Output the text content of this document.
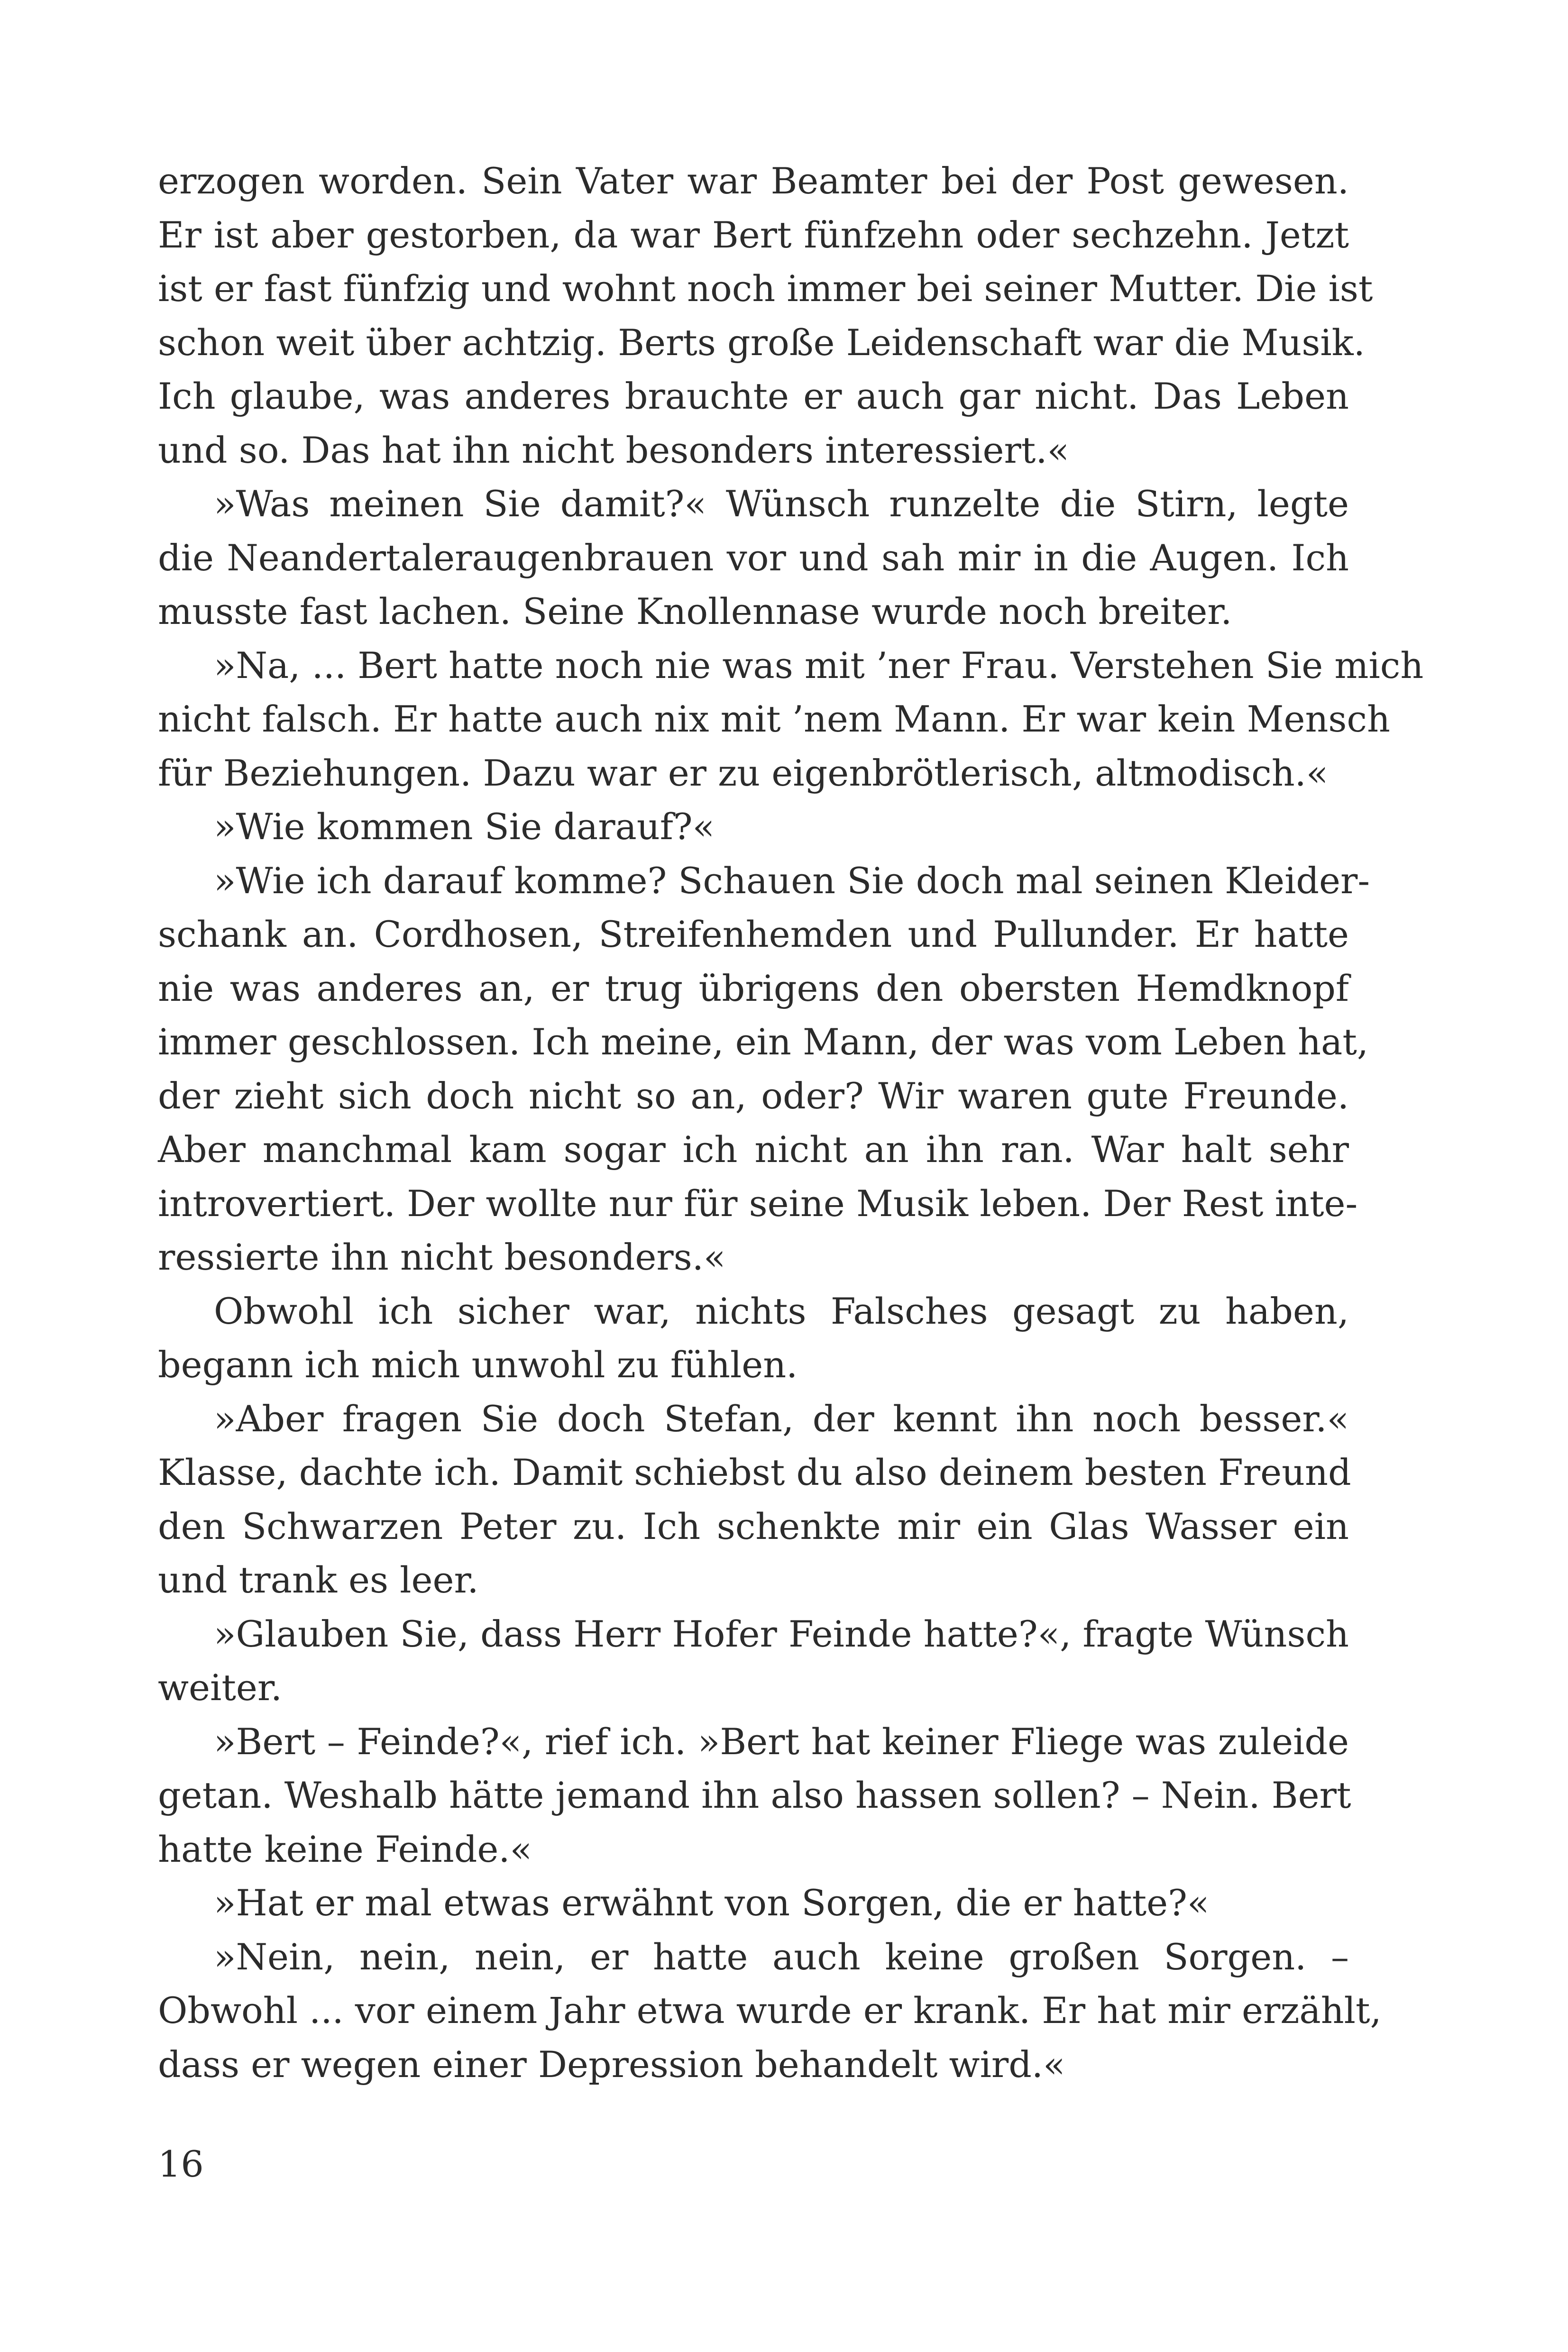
erzogen worden. Sein Vater war Beamter bei der Post gewesen.
Er ist aber gestorben, da war Bert fünfzehn oder sechzehn. Jetzt
ist er fast fünfzig und wohnt noch immer bei seiner Mutter. Die ist
schon weit über achtzig. Berts große Leidenschaft war die Musik.
Ich glaube, was anderes brauchte er auch gar nicht. Das Leben
und so. Das hat ihn nicht besonders interessiert.«
»Was meinen Sie damit?« Wünsch runzelte die Stirn, legte
die Neandertaleraugenbrauen vor und sah mir in die Augen. Ich
musste fast lachen. Seine Knollennase wurde noch breiter.
»Na, ... Bert hatte noch nie was mit ’ner Frau. Verstehen Sie mich
nicht falsch. Er hatte auch nix mit ’nem Mann. Er war kein Mensch
für Beziehungen. Dazu war er zu eigenbrötlerisch, altmodisch.«
»Wie kommen Sie darauf?«
»Wie ich darauf komme? Schauen Sie doch mal seinen Kleider-
schank an. Cordhosen, Streifenhemden und Pullunder. Er hatte
nie was anderes an, er trug übrigens den obersten Hemdknopf
immer geschlossen. Ich meine, ein Mann, der was vom Leben hat,
der zieht sich doch nicht so an, oder? Wir waren gute Freunde.
Aber manchmal kam sogar ich nicht an ihn ran. War halt sehr
introvertiert. Der wollte nur für seine Musik leben. Der Rest inte-
ressierte ihn nicht besonders.«
Obwohl ich sicher war, nichts Falsches gesagt zu haben,
begann ich mich unwohl zu fühlen.
»Aber fragen Sie doch Stefan, der kennt ihn noch besser.«
Klasse, dachte ich. Damit schiebst du also deinem besten Freund
den Schwarzen Peter zu. Ich schenkte mir ein Glas Wasser ein
und trank es leer.
»Glauben Sie, dass Herr Hofer Feinde hatte?«, fragte Wünsch
weiter.
»Bert – Feinde?«, rief ich. »Bert hat keiner Fliege was zuleide
getan. Weshalb hätte jemand ihn also hassen sollen? – Nein. Bert
hatte keine Feinde.«
»Hat er mal etwas erwähnt von Sorgen, die er hatte?«
»Nein, nein, nein, er hatte auch keine großen Sorgen. –
Obwohl ... vor einem Jahr etwa wurde er krank. Er hat mir erzählt,
dass er wegen einer Depression behandelt wird.«
16
